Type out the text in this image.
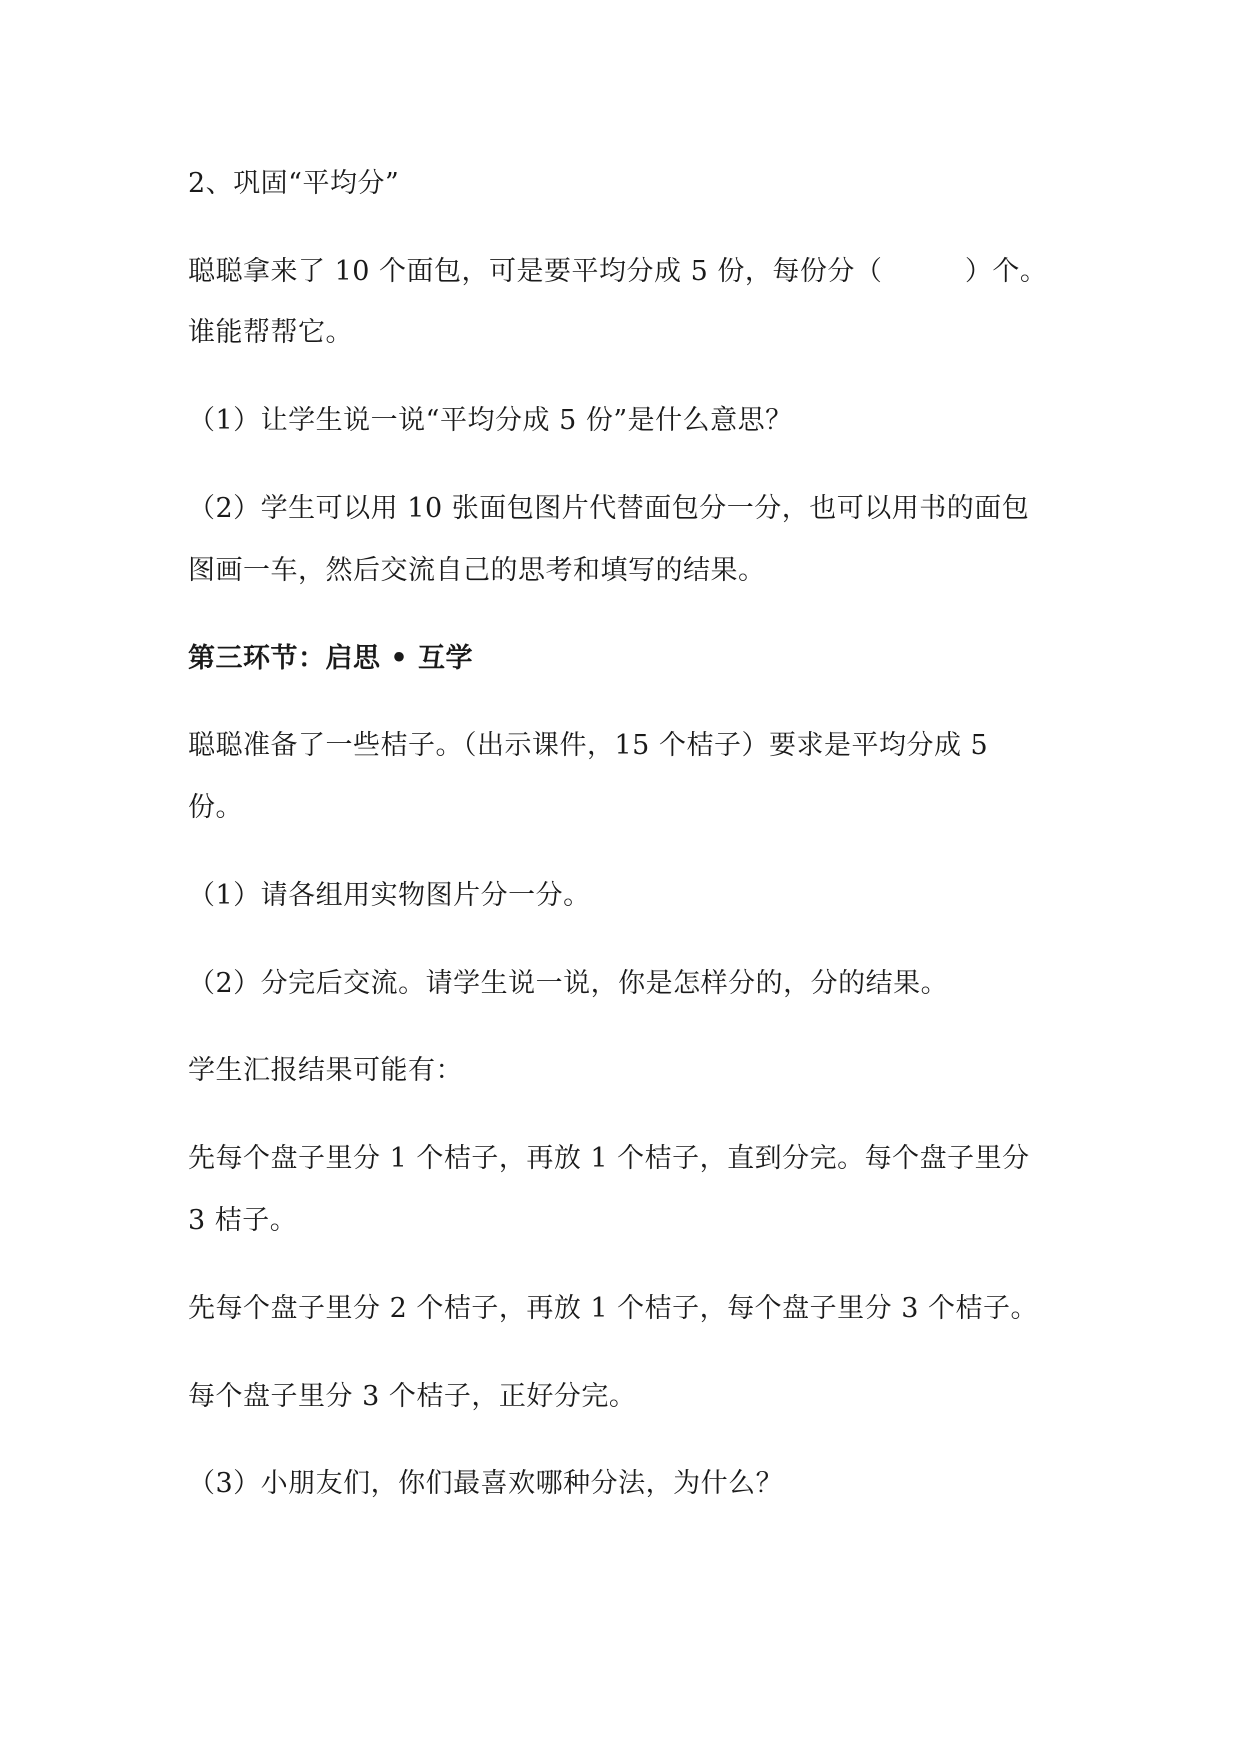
2、巩固“平均分”
聪聪拿来了 10 个面包，可是要平均分成 5 份，每份分（　　　）个。
谁能帮帮它。
（1）让学生说一说“平均分成 5 份”是什么意思？
（2）学生可以用 10 张面包图片代替面包分一分，也可以用书的面包
图画一车，然后交流自己的思考和填写的结果。
第三环节：启思 • 互学
聪聪准备了一些桔子。（出示课件，15 个桔子）要求是平均分成 5
份。
（1）请各组用实物图片分一分。
（2）分完后交流。请学生说一说，你是怎样分的，分的结果。
学生汇报结果可能有：
先每个盘子里分 1 个桔子，再放 1 个桔子，直到分完。每个盘子里分
3 桔子。
先每个盘子里分 2 个桔子，再放 1 个桔子，每个盘子里分 3 个桔子。
每个盘子里分 3 个桔子，正好分完。
（3）小朋友们，你们最喜欢哪种分法，为什么？
